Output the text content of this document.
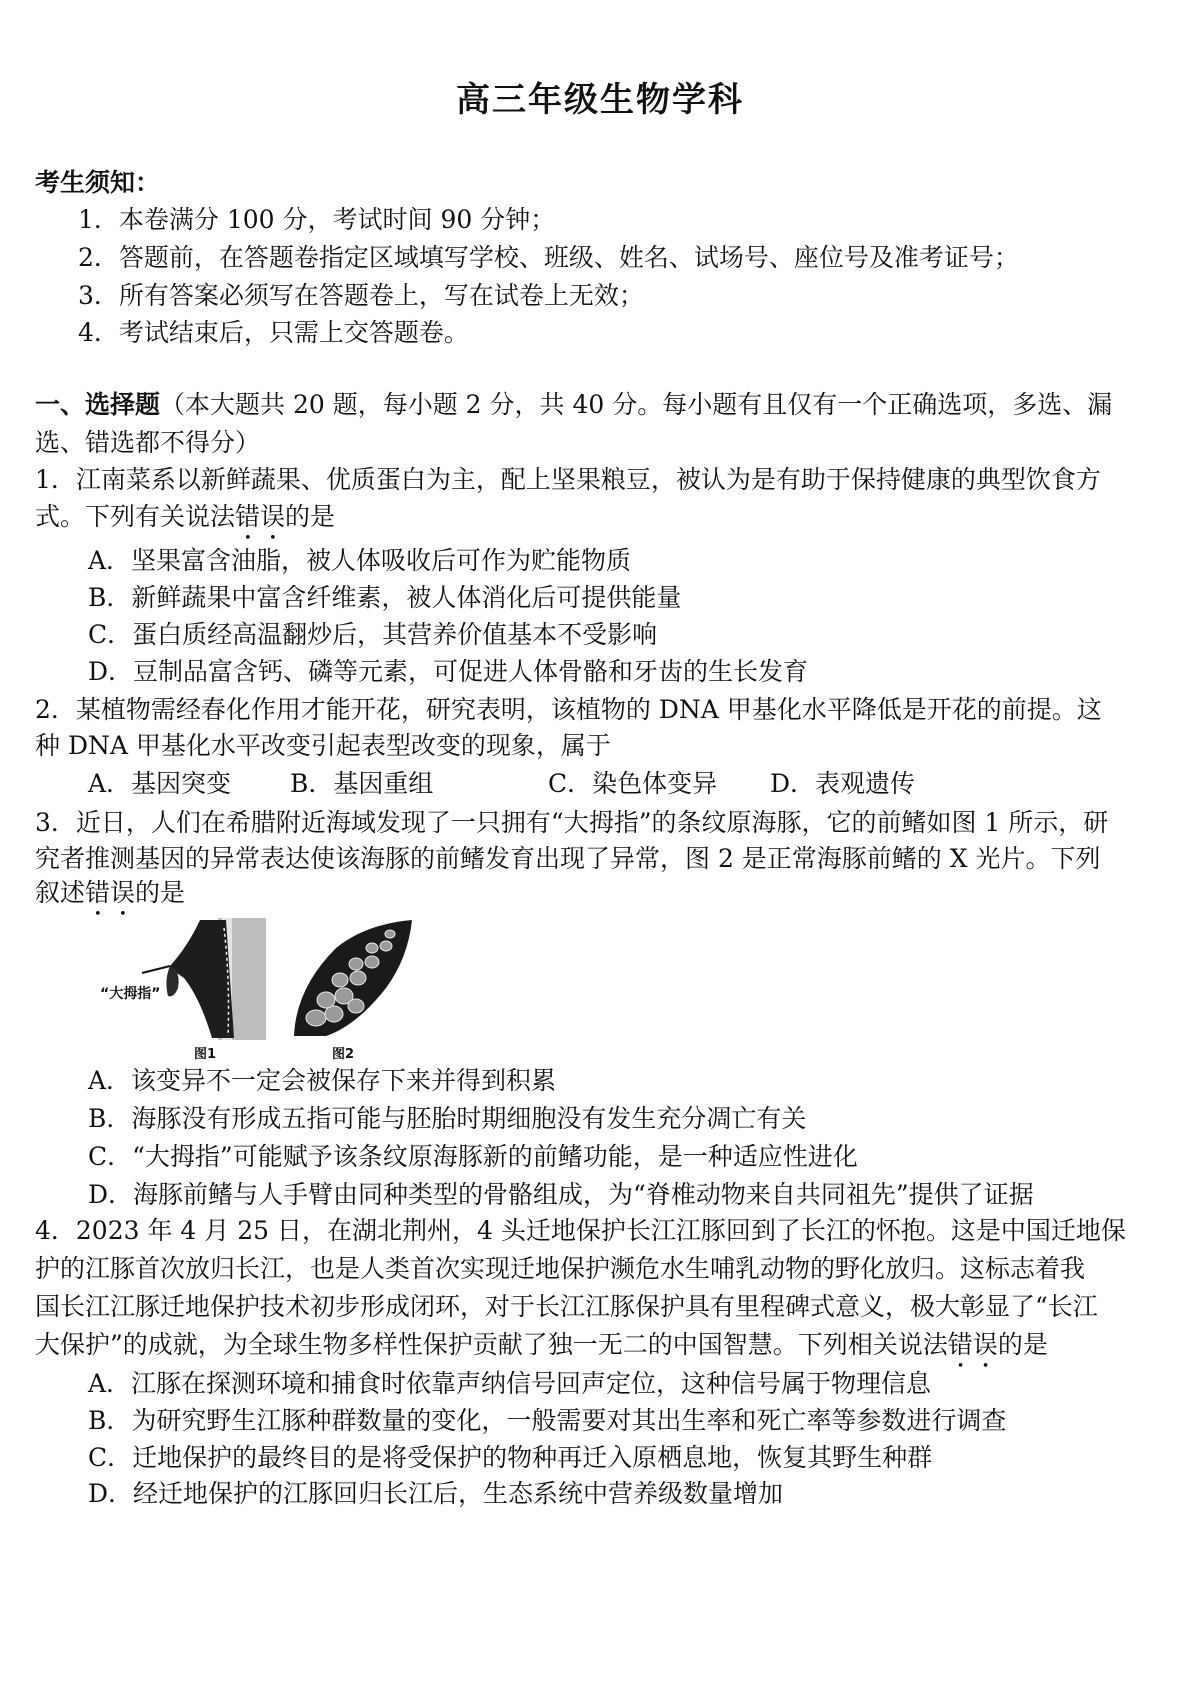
高三年级生物学科
考生须知：
1．本卷满分 100 分，考试时间 90 分钟；
2．答题前，在答题卷指定区域填写学校、班级、姓名、试场号、座位号及准考证号；
3．所有答案必须写在答题卷上，写在试卷上无效；
4．考试结束后，只需上交答题卷。
一、选择题（本大题共 20 题，每小题 2 分，共 40 分。每小题有且仅有一个正确选项，多选、漏
选、错选都不得分）
1．江南菜系以新鲜蔬果、优质蛋白为主，配上坚果粮豆，被认为是有助于保持健康的典型饮食方
式。下列有关说法错误的是
A．坚果富含油脂，被人体吸收后可作为贮能物质
B．新鲜蔬果中富含纤维素，被人体消化后可提供能量
C．蛋白质经高温翻炒后，其营养价值基本不受影响
D．豆制品富含钙、磷等元素，可促进人体骨骼和牙齿的生长发育
2．某植物需经春化作用才能开花，研究表明，该植物的 DNA 甲基化水平降低是开花的前提。这
种 DNA 甲基化水平改变引起表型改变的现象，属于
A．基因突变 B．基因重组	C．染色体变异 D．表观遗传
3．近日，人们在希腊附近海域发现了一只拥有“大拇指”的条纹原海豚，它的前鳍如图 1 所示，研
究者推测基因的异常表达使该海豚的前鳍发育出现了异常，图 2 是正常海豚前鳍的 X 光片。下列
叙述错误的是
“大拇指”
图1	图2
A．该变异不一定会被保存下来并得到积累
B．海豚没有形成五指可能与胚胎时期细胞没有发生充分凋亡有关
C．“大拇指”可能赋予该条纹原海豚新的前鳍功能，是一种适应性进化
D．海豚前鳍与人手臂由同种类型的骨骼组成，为“脊椎动物来自共同祖先”提供了证据
4．2023 年 4 月 25 日，在湖北荆州，4 头迁地保护长江江豚回到了长江的怀抱。这是中国迁地保
护的江豚首次放归长江，也是人类首次实现迁地保护濒危水生哺乳动物的野化放归。这标志着我
国长江江豚迁地保护技术初步形成闭环，对于长江江豚保护具有里程碑式意义，极大彰显了“长江
大保护”的成就，为全球生物多样性保护贡献了独一无二的中国智慧。下列相关说法错误的是
A．江豚在探测环境和捕食时依靠声纳信号回声定位，这种信号属于物理信息
B．为研究野生江豚种群数量的变化，一般需要对其出生率和死亡率等参数进行调查
C．迁地保护的最终目的是将受保护的物种再迁入原栖息地，恢复其野生种群
D．经迁地保护的江豚回归长江后，生态系统中营养级数量增加
